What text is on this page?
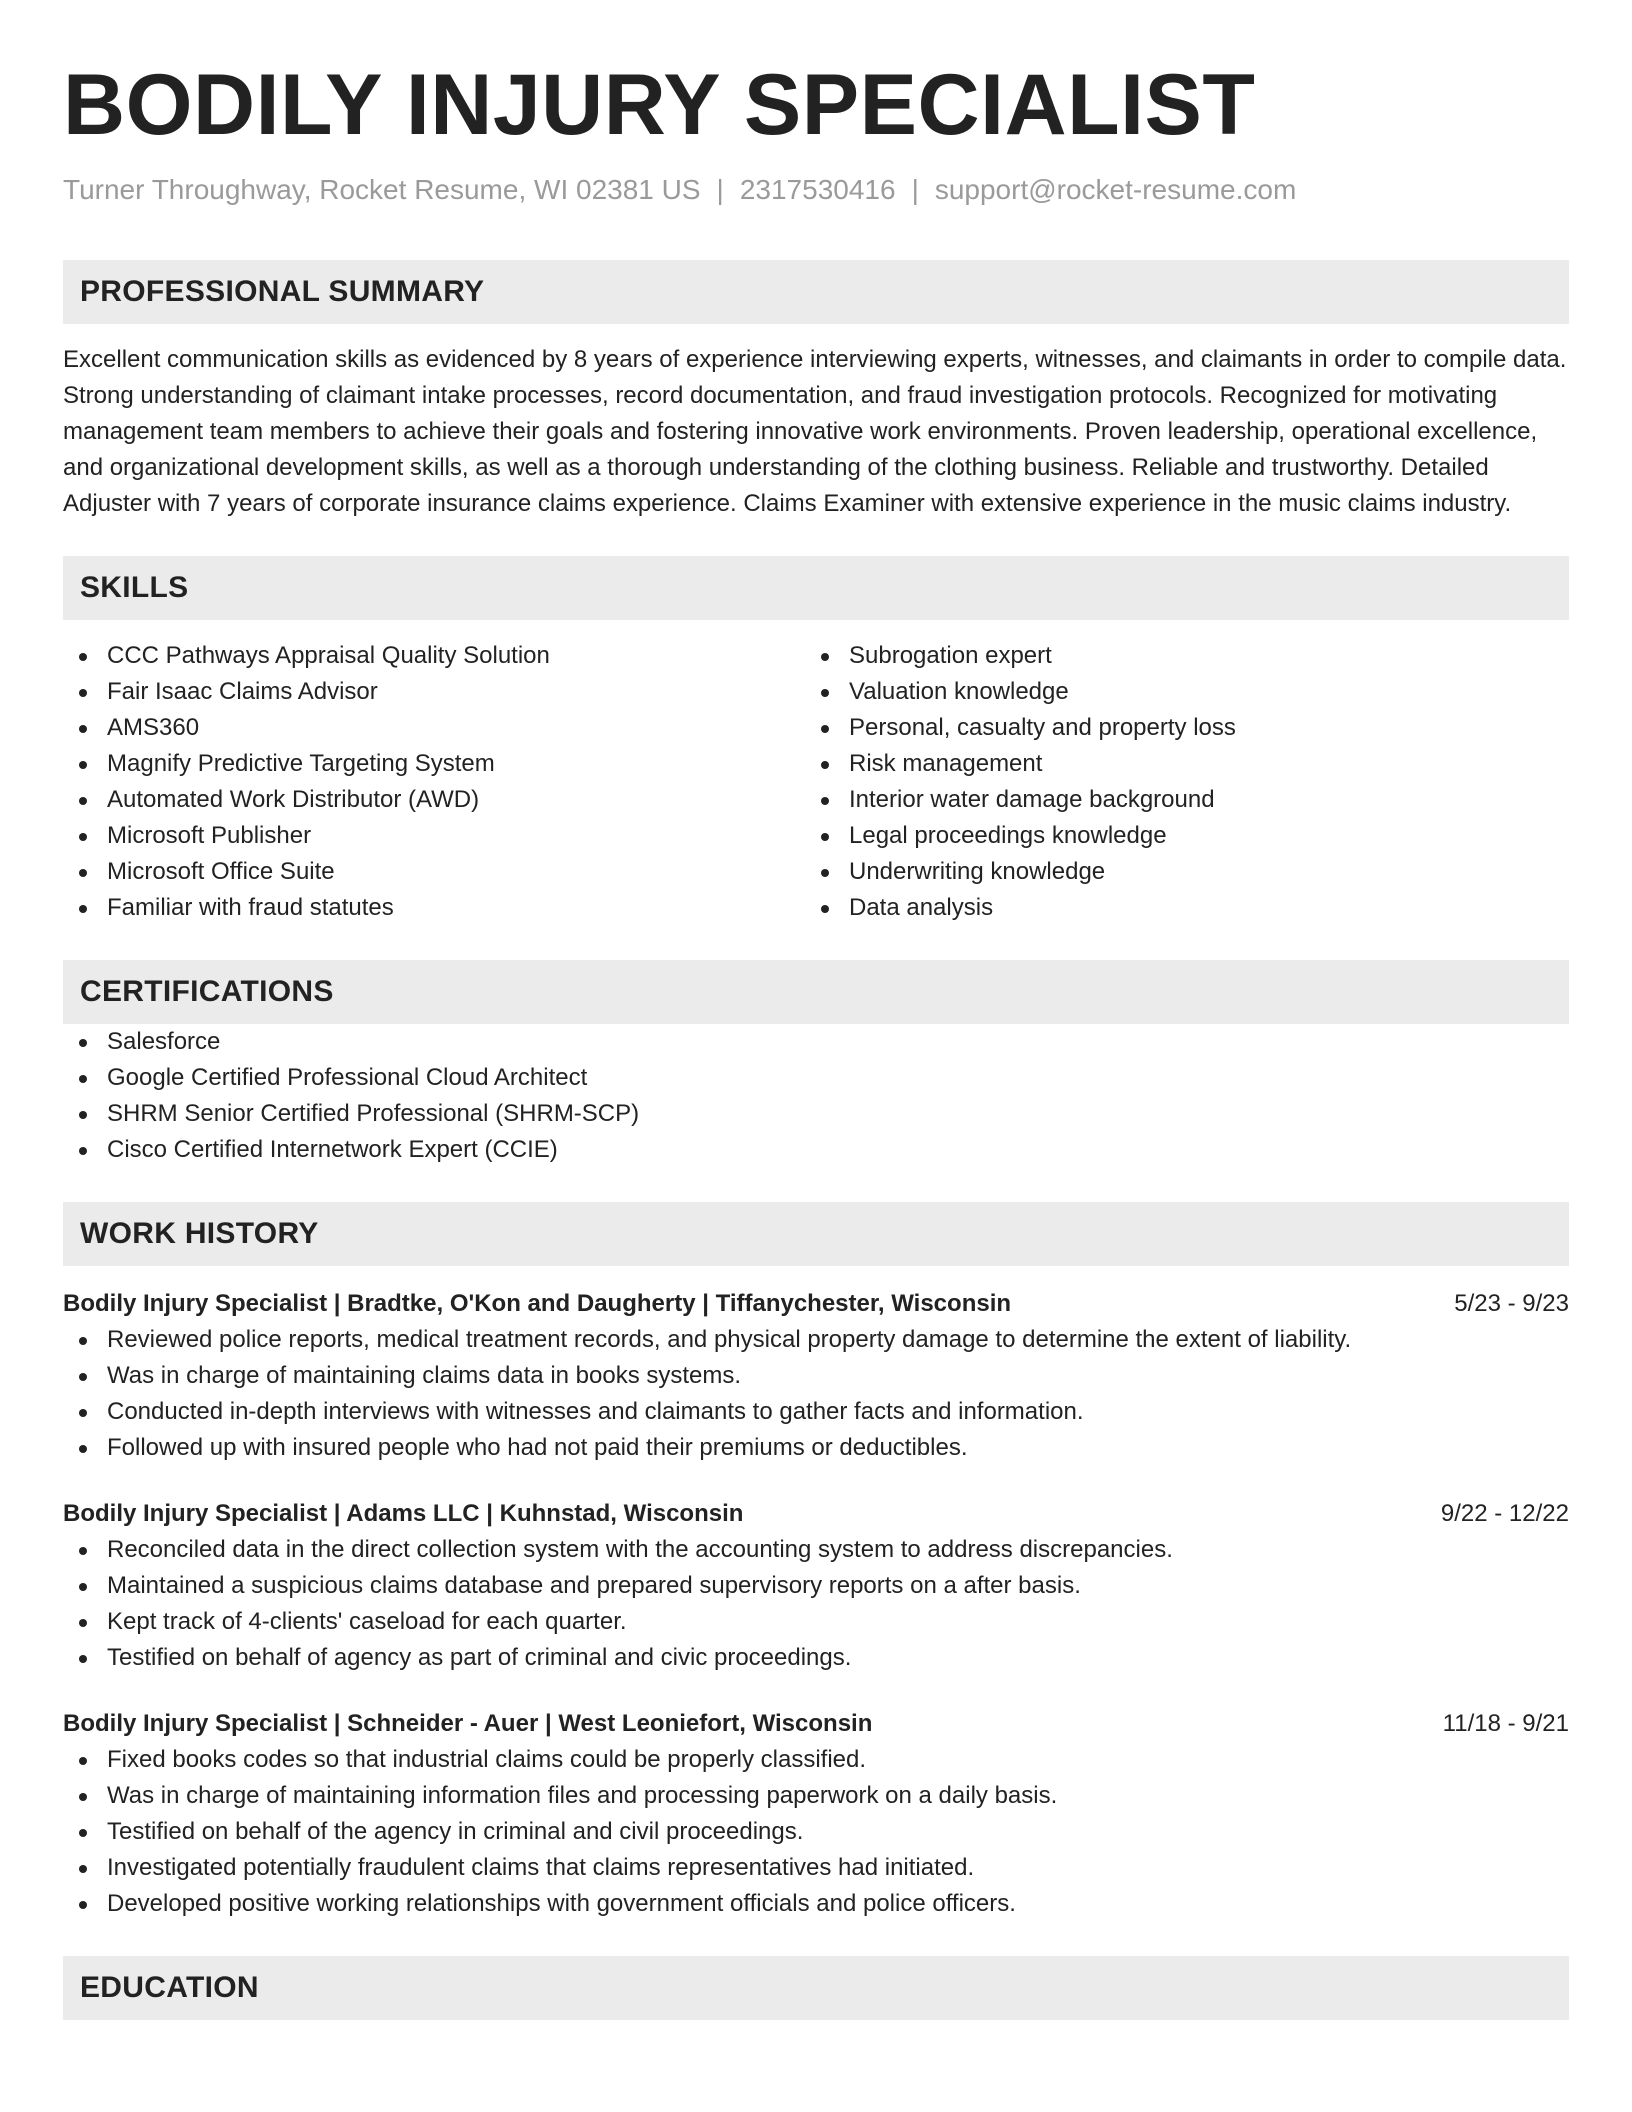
BODILY INJURY SPECIALIST
Turner Throughway, Rocket Resume, WI 02381 US | 2317530416 | support@rocket-resume.com
PROFESSIONAL SUMMARY

Excellent communication skills as evidenced by 8 years of experience interviewing experts, witnesses, and claimants in order to compile data. Strong understanding of claimant intake processes, record documentation, and fraud investigation protocols. Recognized for motivating management team members to achieve their goals and fostering innovative work environments. Proven leadership, operational excellence, and organizational development skills, as well as a thorough understanding of the clothing business. Reliable and trustworthy. Detailed Adjuster with 7 years of corporate insurance claims experience. Claims Examiner with extensive experience in the music claims industry.

SKILLS
CCC Pathways Appraisal Quality Solution
Fair Isaac Claims Advisor
AMS360
Magnify Predictive Targeting System
Automated Work Distributor (AWD)
Microsoft Publisher
Microsoft Office Suite
Familiar with fraud statutes
Subrogation expert
Valuation knowledge
Personal, casualty and property loss
Risk management
Interior water damage background
Legal proceedings knowledge
Underwriting knowledge
Data analysis
CERTIFICATIONS
Salesforce
Google Certified Professional Cloud Architect
SHRM Senior Certified Professional (SHRM-SCP)
Cisco Certified Internetwork Expert (CCIE)
WORK HISTORY
Bodily Injury Specialist | Bradtke, O'Kon and Daugherty | Tiffanychester, Wisconsin	5/23 - 9/23
Reviewed police reports, medical treatment records, and physical property damage to determine the extent of liability.
Was in charge of maintaining claims data in books systems.
Conducted in-depth interviews with witnesses and claimants to gather facts and information.
Followed up with insured people who had not paid their premiums or deductibles.
Bodily Injury Specialist | Adams LLC | Kuhnstad, Wisconsin	9/22 - 12/22
Reconciled data in the direct collection system with the accounting system to address discrepancies.
Maintained a suspicious claims database and prepared supervisory reports on a after basis.
Kept track of 4-clients' caseload for each quarter.
Testified on behalf of agency as part of criminal and civic proceedings.
Bodily Injury Specialist | Schneider - Auer | West Leoniefort, Wisconsin	11/18 - 9/21
Fixed books codes so that industrial claims could be properly classified.
Was in charge of maintaining information files and processing paperwork on a daily basis.
Testified on behalf of the agency in criminal and civil proceedings.
Investigated potentially fraudulent claims that claims representatives had initiated.
Developed positive working relationships with government officials and police officers.
EDUCATION
